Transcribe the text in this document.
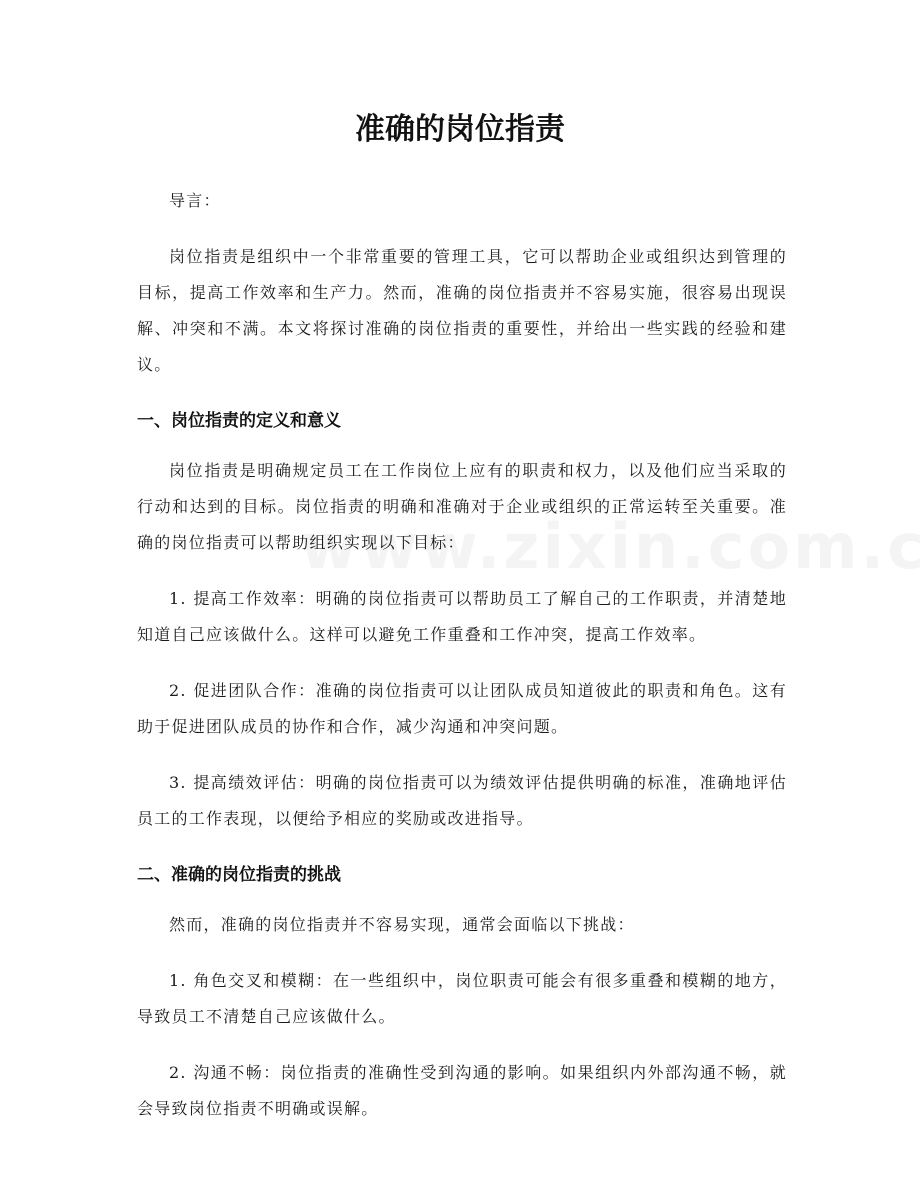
准确的岗位指责

导言：

岗位指责是组织中一个非常重要的管理工具，它可以帮助企业或组织达到管理的目标，提高工作效率和生产力。然而，准确的岗位指责并不容易实施，很容易出现误解、冲突和不满。本文将探讨准确的岗位指责的重要性，并给出一些实践的经验和建议。

一、岗位指责的定义和意义

岗位指责是明确规定员工在工作岗位上应有的职责和权力，以及他们应当采取的行动和达到的目标。岗位指责的明确和准确对于企业或组织的正常运转至关重要。准确的岗位指责可以帮助组织实现以下目标：

1. 提高工作效率：明确的岗位指责可以帮助员工了解自己的工作职责，并清楚地知道自己应该做什么。这样可以避免工作重叠和工作冲突，提高工作效率。

2. 促进团队合作：准确的岗位指责可以让团队成员知道彼此的职责和角色。这有助于促进团队成员的协作和合作，减少沟通和冲突问题。

3. 提高绩效评估：明确的岗位指责可以为绩效评估提供明确的标准，准确地评估员工的工作表现，以便给予相应的奖励或改进指导。

二、准确的岗位指责的挑战

然而，准确的岗位指责并不容易实现，通常会面临以下挑战：

1. 角色交叉和模糊：在一些组织中，岗位职责可能会有很多重叠和模糊的地方，导致员工不清楚自己应该做什么。

2. 沟通不畅：岗位指责的准确性受到沟通的影响。如果组织内外部沟通不畅，就会导致岗位指责不明确或误解。
